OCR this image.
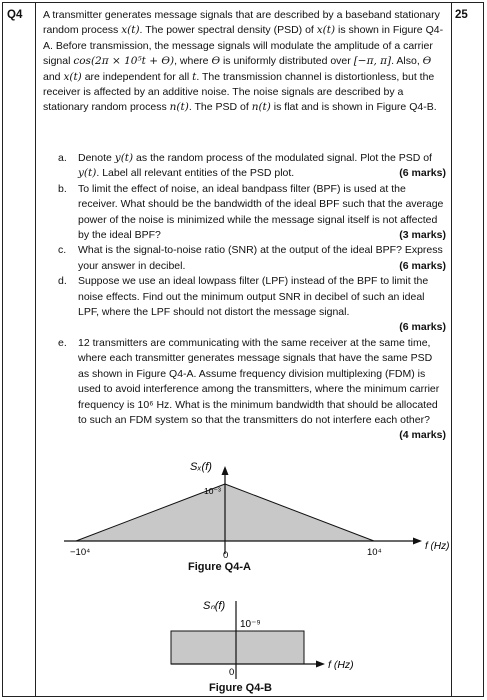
Q4	25
A transmitter generates message signals that are described by a baseband stationary random process x(t). The power spectral density (PSD) of x(t) is shown in Figure Q4-A. Before transmission, the message signals will modulate the amplitude of a carrier signal cos(2π × 10⁵t + ϴ), where ϴ is uniformly distributed over [−π, π]. Also, ϴ and x(t) are independent for all t. The transmission channel is distortionless, but the receiver is affected by an additive noise. The noise signals are described by a stationary random process n(t). The PSD of n(t) is flat and is shown in Figure Q4-B.
a. Denote y(t) as the random process of the modulated signal. Plot the PSD of y(t). Label all relevant entities of the PSD plot.	(6 marks)
b. To limit the effect of noise, an ideal bandpass filter (BPF) is used at the receiver. What should be the bandwidth of the ideal BPF such that the average power of the noise is minimized while the message signal itself is not affected by the ideal BPF?	(3 marks)
c. What is the signal-to-noise ratio (SNR) at the output of the ideal BPF? Express your answer in decibel.	(6 marks)
d. Suppose we use an ideal lowpass filter (LPF) instead of the BPF to limit the noise effects. Find out the minimum output SNR in decibel of such an ideal LPF, where the LPF should not distort the message signal.
(6 marks)
e. 12 transmitters are communicating with the same receiver at the same time, where each transmitter generates message signals that have the same PSD as shown in Figure Q4-A. Assume frequency division multiplexing (FDM) is used to avoid interference among the transmitters, where the minimum carrier frequency is 10⁶ Hz. What is the minimum bandwidth that should be allocated to such an FDM system so that the transmitters do not interfere each other?
(4 marks)
Sₓ(f)
10⁻³
f (Hz)
−10⁴	0	10⁴
Figure Q4-A
Sₙ(f)
10⁻⁹
f (Hz)
0
Figure Q4-B
